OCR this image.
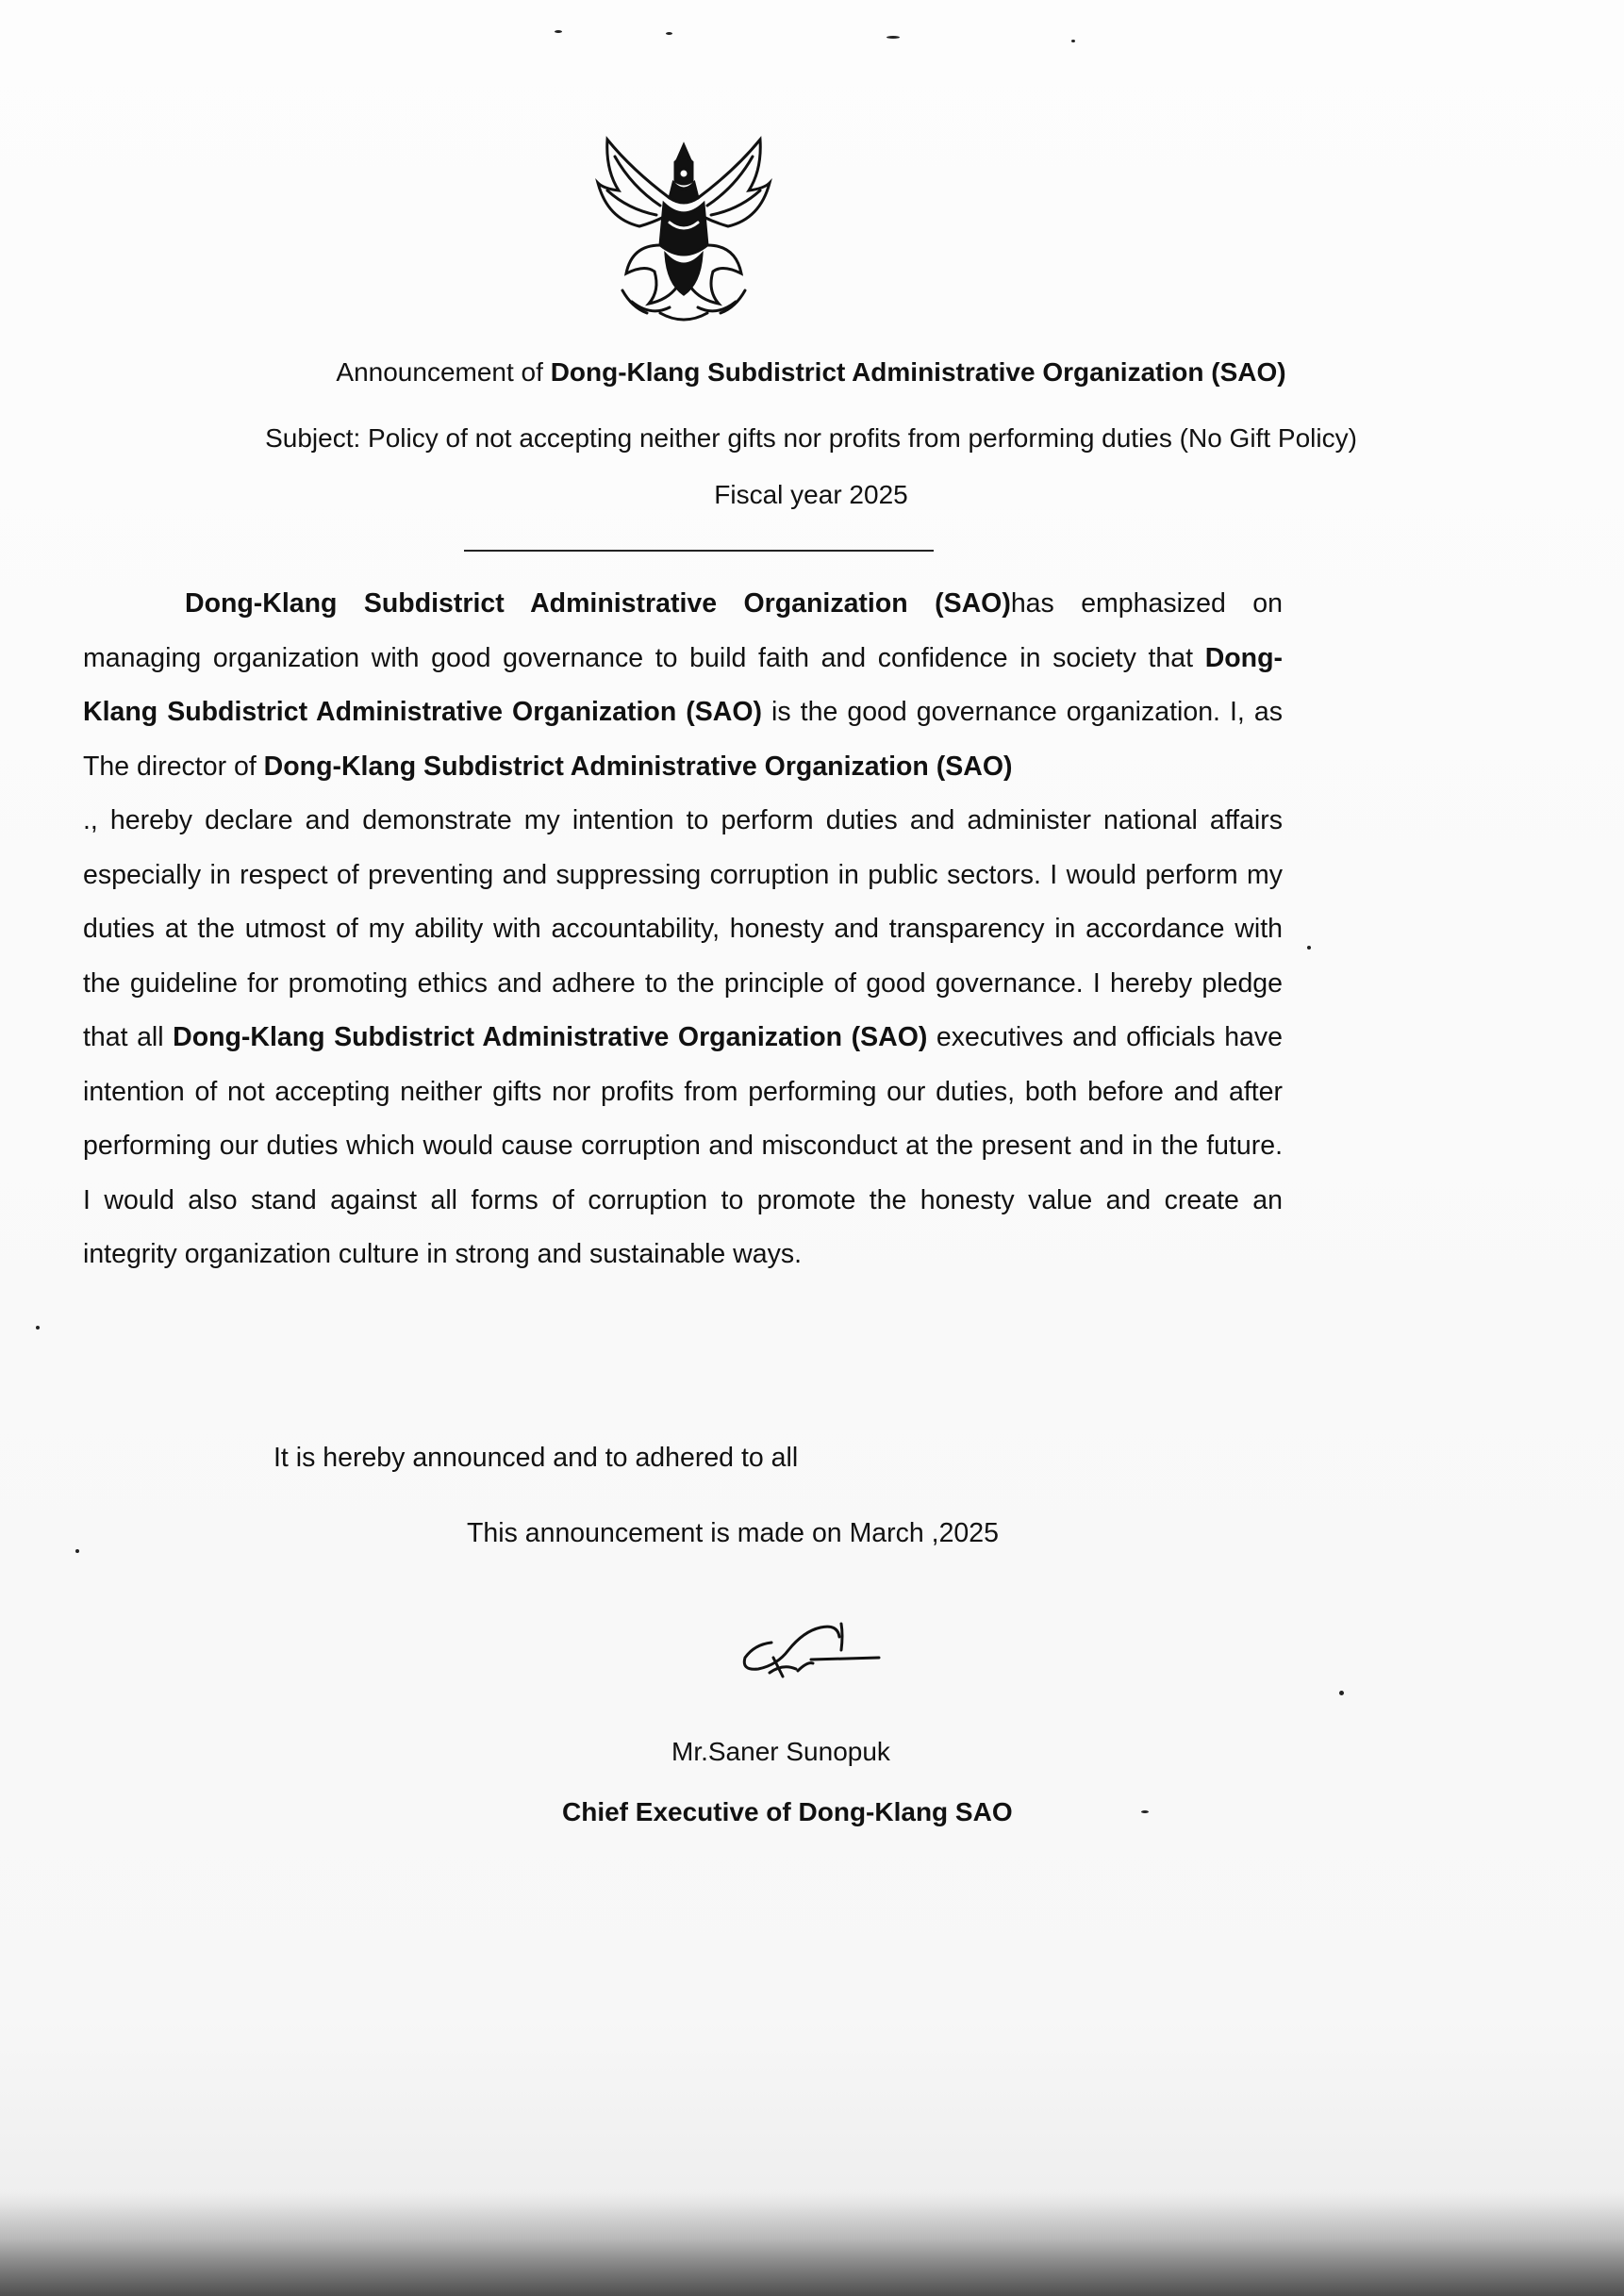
Announcement of Dong-Klang Subdistrict Administrative Organization (SAO)
Subject: Policy of not accepting neither gifts nor profits from performing duties (No Gift Policy)
Fiscal year 2025

Dong-Klang Subdistrict Administrative Organization (SAO)has emphasized on managing organization with good governance to build faith and confidence in society that Dong-Klang Subdistrict Administrative Organization (SAO) is the good governance organization. I, as The director of Dong-Klang Subdistrict Administrative Organization (SAO)

., hereby declare and demonstrate my intention to perform duties and administer national affairs especially in respect of preventing and suppressing corruption in public sectors. I would perform my duties at the utmost of my ability with accountability, honesty and transparency in accordance with the guideline for promoting ethics and adhere to the principle of good governance. I hereby pledge that all Dong-Klang Subdistrict Administrative Organization (SAO) executives and officials have intention of not accepting neither gifts nor profits from performing our duties, both before and after performing our duties which would cause corruption and misconduct at the present and in the future. I would also stand against all forms of corruption to promote the honesty value and create an integrity organization culture in strong and sustainable ways.

It is hereby announced and to adhered to all
This announcement is made on March ,2025
Mr.Saner Sunopuk
Chief Executive of Dong-Klang SAO
